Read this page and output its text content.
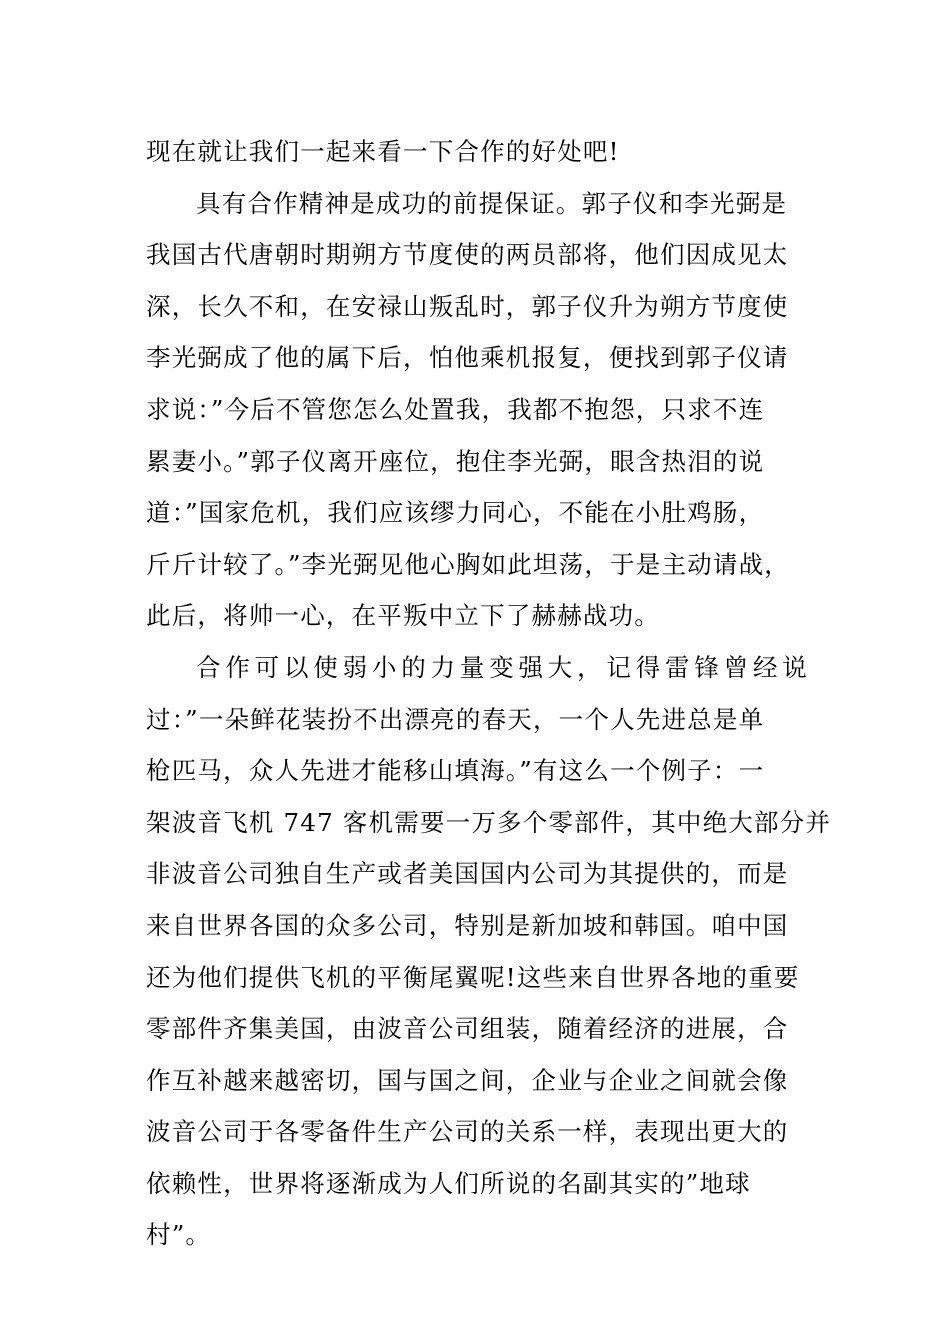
现在就让我们一起来看一下合作的好处吧!
具有合作精神是成功的前提保证。郭子仪和李光弼是
我国古代唐朝时期朔方节度使的两员部将，他们因成见太
深，长久不和，在安禄山叛乱时，郭子仪升为朔方节度使
李光弼成了他的属下后，怕他乘机报复，便找到郭子仪请
求说：”今后不管您怎么处置我，我都不抱怨，只求不连
累妻小。”郭子仪离开座位，抱住李光弼，眼含热泪的说
道：”国家危机，我们应该缪力同心，不能在小肚鸡肠，
斤斤计较了。”李光弼见他心胸如此坦荡，于是主动请战，
此后，将帅一心，在平叛中立下了赫赫战功。
合作可以使弱小的力量变强大，记得雷锋曾经说
过：”一朵鲜花装扮不出漂亮的春天，一个人先进总是单
枪匹马，众人先进才能移山填海。”有这么一个例子：一
架波音飞机 747 客机需要一万多个零部件，其中绝大部分并
非波音公司独自生产或者美国国内公司为其提供的，而是
来自世界各国的众多公司，特别是新加坡和韩国。咱中国
还为他们提供飞机的平衡尾翼呢!这些来自世界各地的重要
零部件齐集美国，由波音公司组装，随着经济的进展，合
作互补越来越密切，国与国之间，企业与企业之间就会像
波音公司于各零备件生产公司的关系一样，表现出更大的
依赖性，世界将逐渐成为人们所说的名副其实的”地球
村”。
